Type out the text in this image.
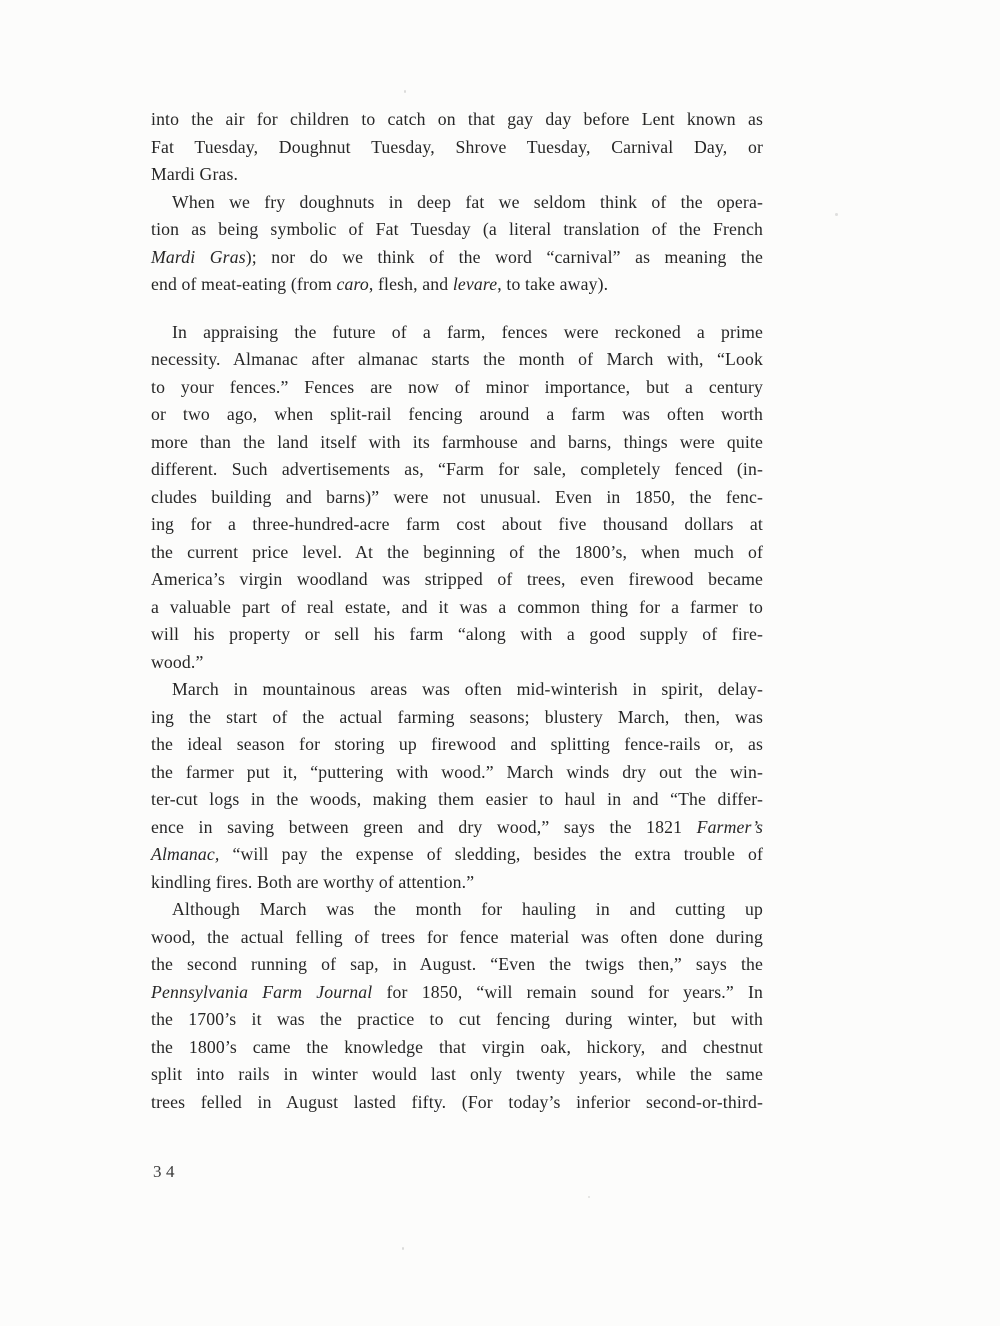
into the air for children to catch on that gay day before Lent known as
Fat Tuesday, Doughnut Tuesday, Shrove Tuesday, Carnival Day, or
Mardi Gras.
When we fry doughnuts in deep fat we seldom think of the opera-
tion as being symbolic of Fat Tuesday (a literal translation of the French
Mardi Gras); nor do we think of the word “carnival” as meaning the
end of meat-eating (from caro, flesh, and levare, to take away).
In appraising the future of a farm, fences were reckoned a prime
necessity. Almanac after almanac starts the month of March with, “Look
to your fences.” Fences are now of minor importance, but a century
or two ago, when split-rail fencing around a farm was often worth
more than the land itself with its farmhouse and barns, things were quite
different. Such advertisements as, “Farm for sale, completely fenced (in-
cludes building and barns)” were not unusual. Even in 1850, the fenc-
ing for a three-hundred-acre farm cost about five thousand dollars at
the current price level. At the beginning of the 1800’s, when much of
America’s virgin woodland was stripped of trees, even firewood became
a valuable part of real estate, and it was a common thing for a farmer to
will his property or sell his farm “along with a good supply of fire-
wood.”
March in mountainous areas was often mid-winterish in spirit, delay-
ing the start of the actual farming seasons; blustery March, then, was
the ideal season for storing up firewood and splitting fence-rails or, as
the farmer put it, “puttering with wood.” March winds dry out the win-
ter-cut logs in the woods, making them easier to haul in and “The differ-
ence in saving between green and dry wood,” says the 1821 Farmer’s
Almanac, “will pay the expense of sledding, besides the extra trouble of
kindling fires. Both are worthy of attention.”
Although March was the month for hauling in and cutting up
wood, the actual felling of trees for fence material was often done during
the second running of sap, in August. “Even the twigs then,” says the
Pennsylvania Farm Journal for 1850, “will remain sound for years.” In
the 1700’s it was the practice to cut fencing during winter, but with
the 1800’s came the knowledge that virgin oak, hickory, and chestnut
split into rails in winter would last only twenty years, while the same
trees felled in August lasted fifty. (For today’s inferior second-or-third-
34
